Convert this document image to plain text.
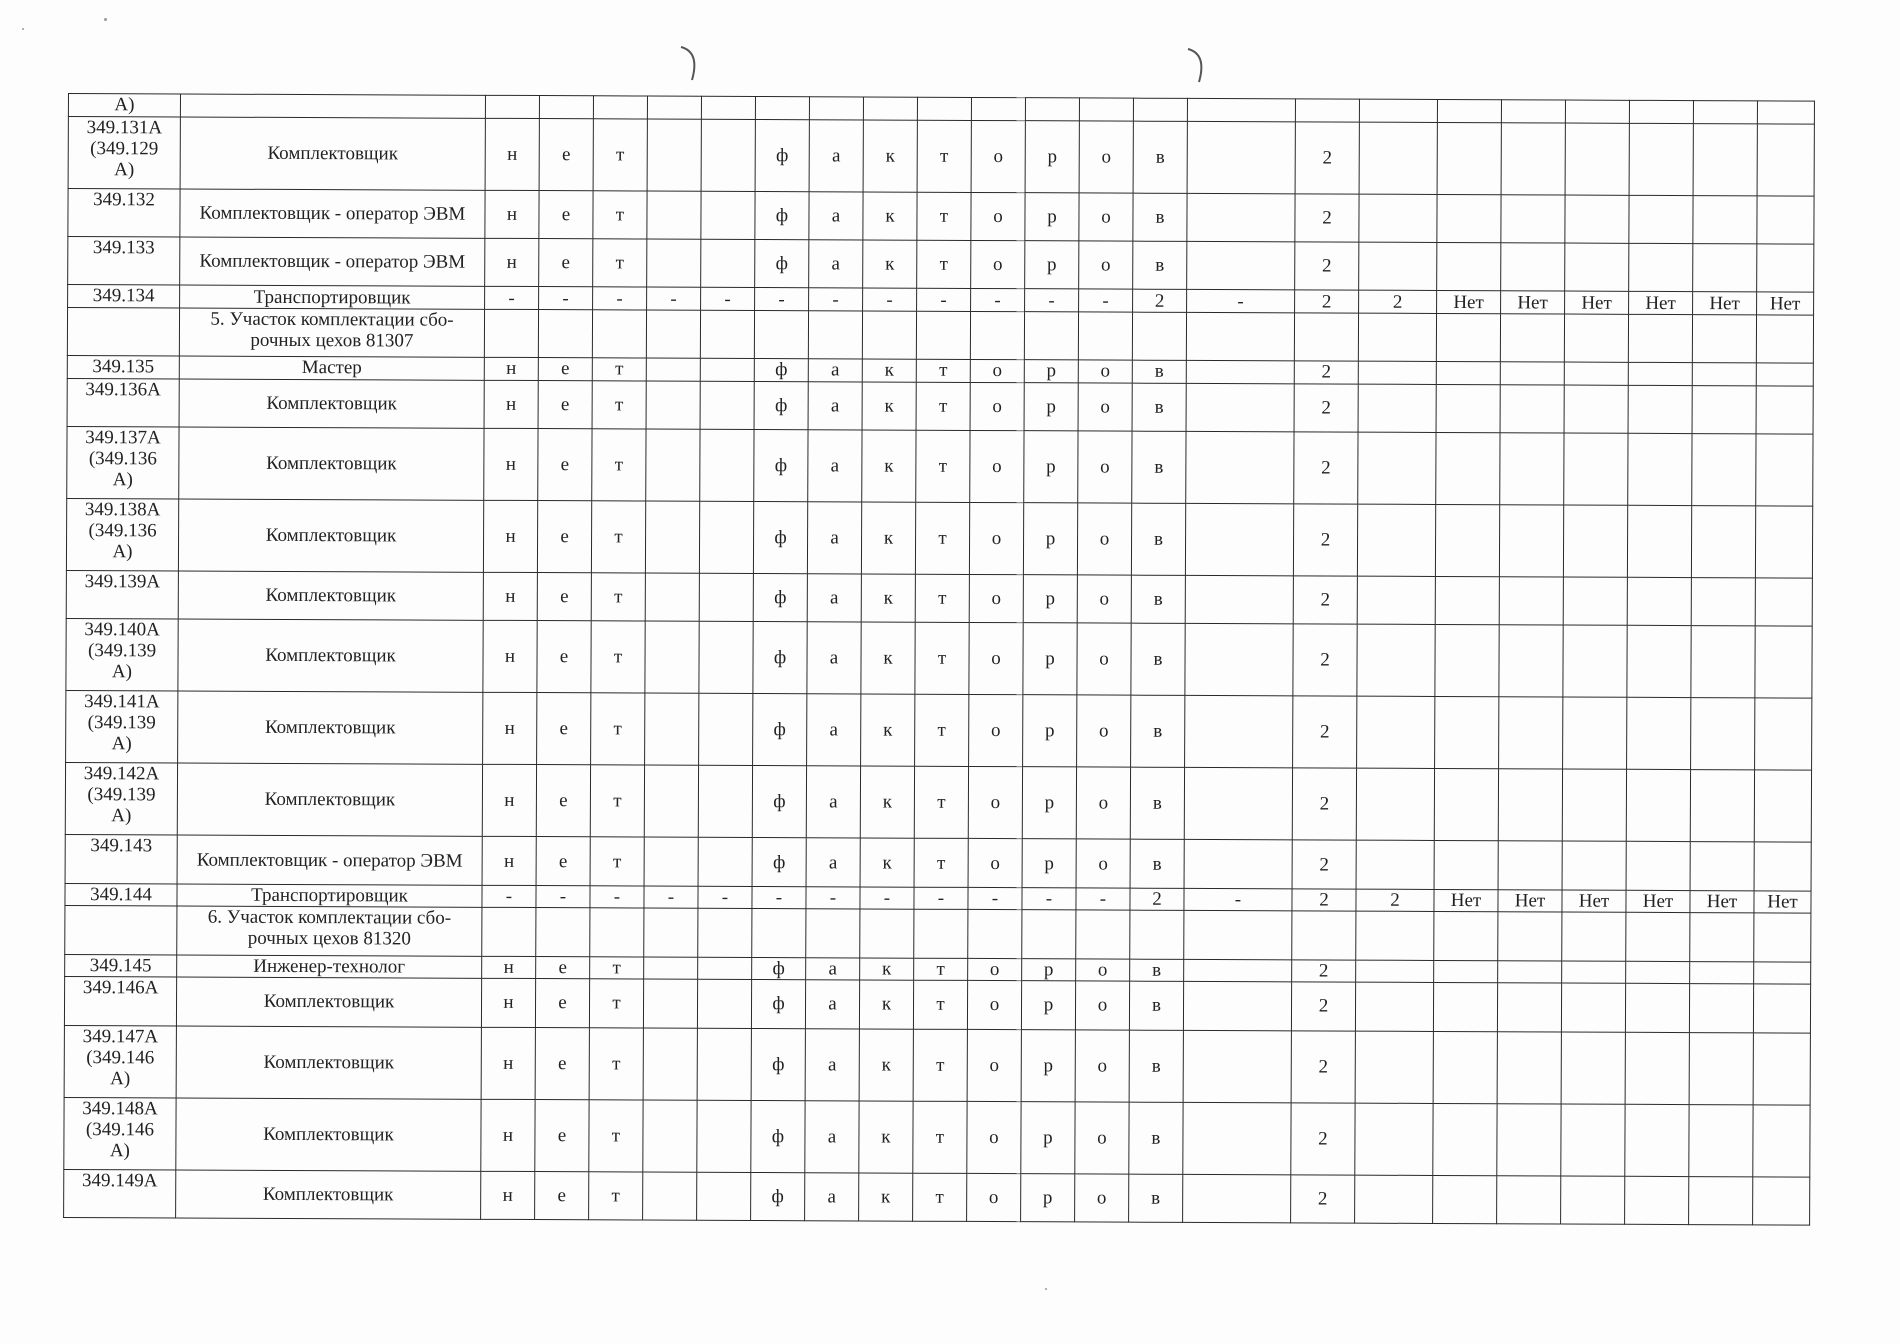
А)																							
349.131А
(349.129
А)	Комплектовщик	н	е	т			ф	а	к	т	о	р	о	в		2							
349.132	Комплектовщик - оператор ЭВМ	н	е	т			ф	а	к	т	о	р	о	в		2							
349.133	Комплектовщик - оператор ЭВМ	н	е	т			ф	а	к	т	о	р	о	в		2							
349.134	Транспортировщик	-	-	-	-	-	-	-	-	-	-	-	-	2	-	2	2	Нет	Нет	Нет	Нет	Нет	Нет
	5. Участок комплектации сбо-
рочных цехов 81307																						
349.135	Мастер	н	е	т			ф	а	к	т	о	р	о	в		2							
349.136А	Комплектовщик	н	е	т			ф	а	к	т	о	р	о	в		2							
349.137А
(349.136
А)	Комплектовщик	н	е	т			ф	а	к	т	о	р	о	в		2							
349.138А
(349.136
А)	Комплектовщик	н	е	т			ф	а	к	т	о	р	о	в		2							
349.139А	Комплектовщик	н	е	т			ф	а	к	т	о	р	о	в		2							
349.140А
(349.139
А)	Комплектовщик	н	е	т			ф	а	к	т	о	р	о	в		2							
349.141А
(349.139
А)	Комплектовщик	н	е	т			ф	а	к	т	о	р	о	в		2							
349.142А
(349.139
А)	Комплектовщик	н	е	т			ф	а	к	т	о	р	о	в		2							
349.143	Комплектовщик - оператор ЭВМ	н	е	т			ф	а	к	т	о	р	о	в		2							
349.144	Транспортировщик	-	-	-	-	-	-	-	-	-	-	-	-	2	-	2	2	Нет	Нет	Нет	Нет	Нет	Нет
	6. Участок комплектации сбо-
рочных цехов 81320																						
349.145	Инженер-технолог	н	е	т			ф	а	к	т	о	р	о	в		2							
349.146А	Комплектовщик	н	е	т			ф	а	к	т	о	р	о	в		2							
349.147А
(349.146
А)	Комплектовщик	н	е	т			ф	а	к	т	о	р	о	в		2							
349.148А
(349.146
А)	Комплектовщик	н	е	т			ф	а	к	т	о	р	о	в		2							
349.149А	Комплектовщик	н	е	т			ф	а	к	т	о	р	о	в		2							
